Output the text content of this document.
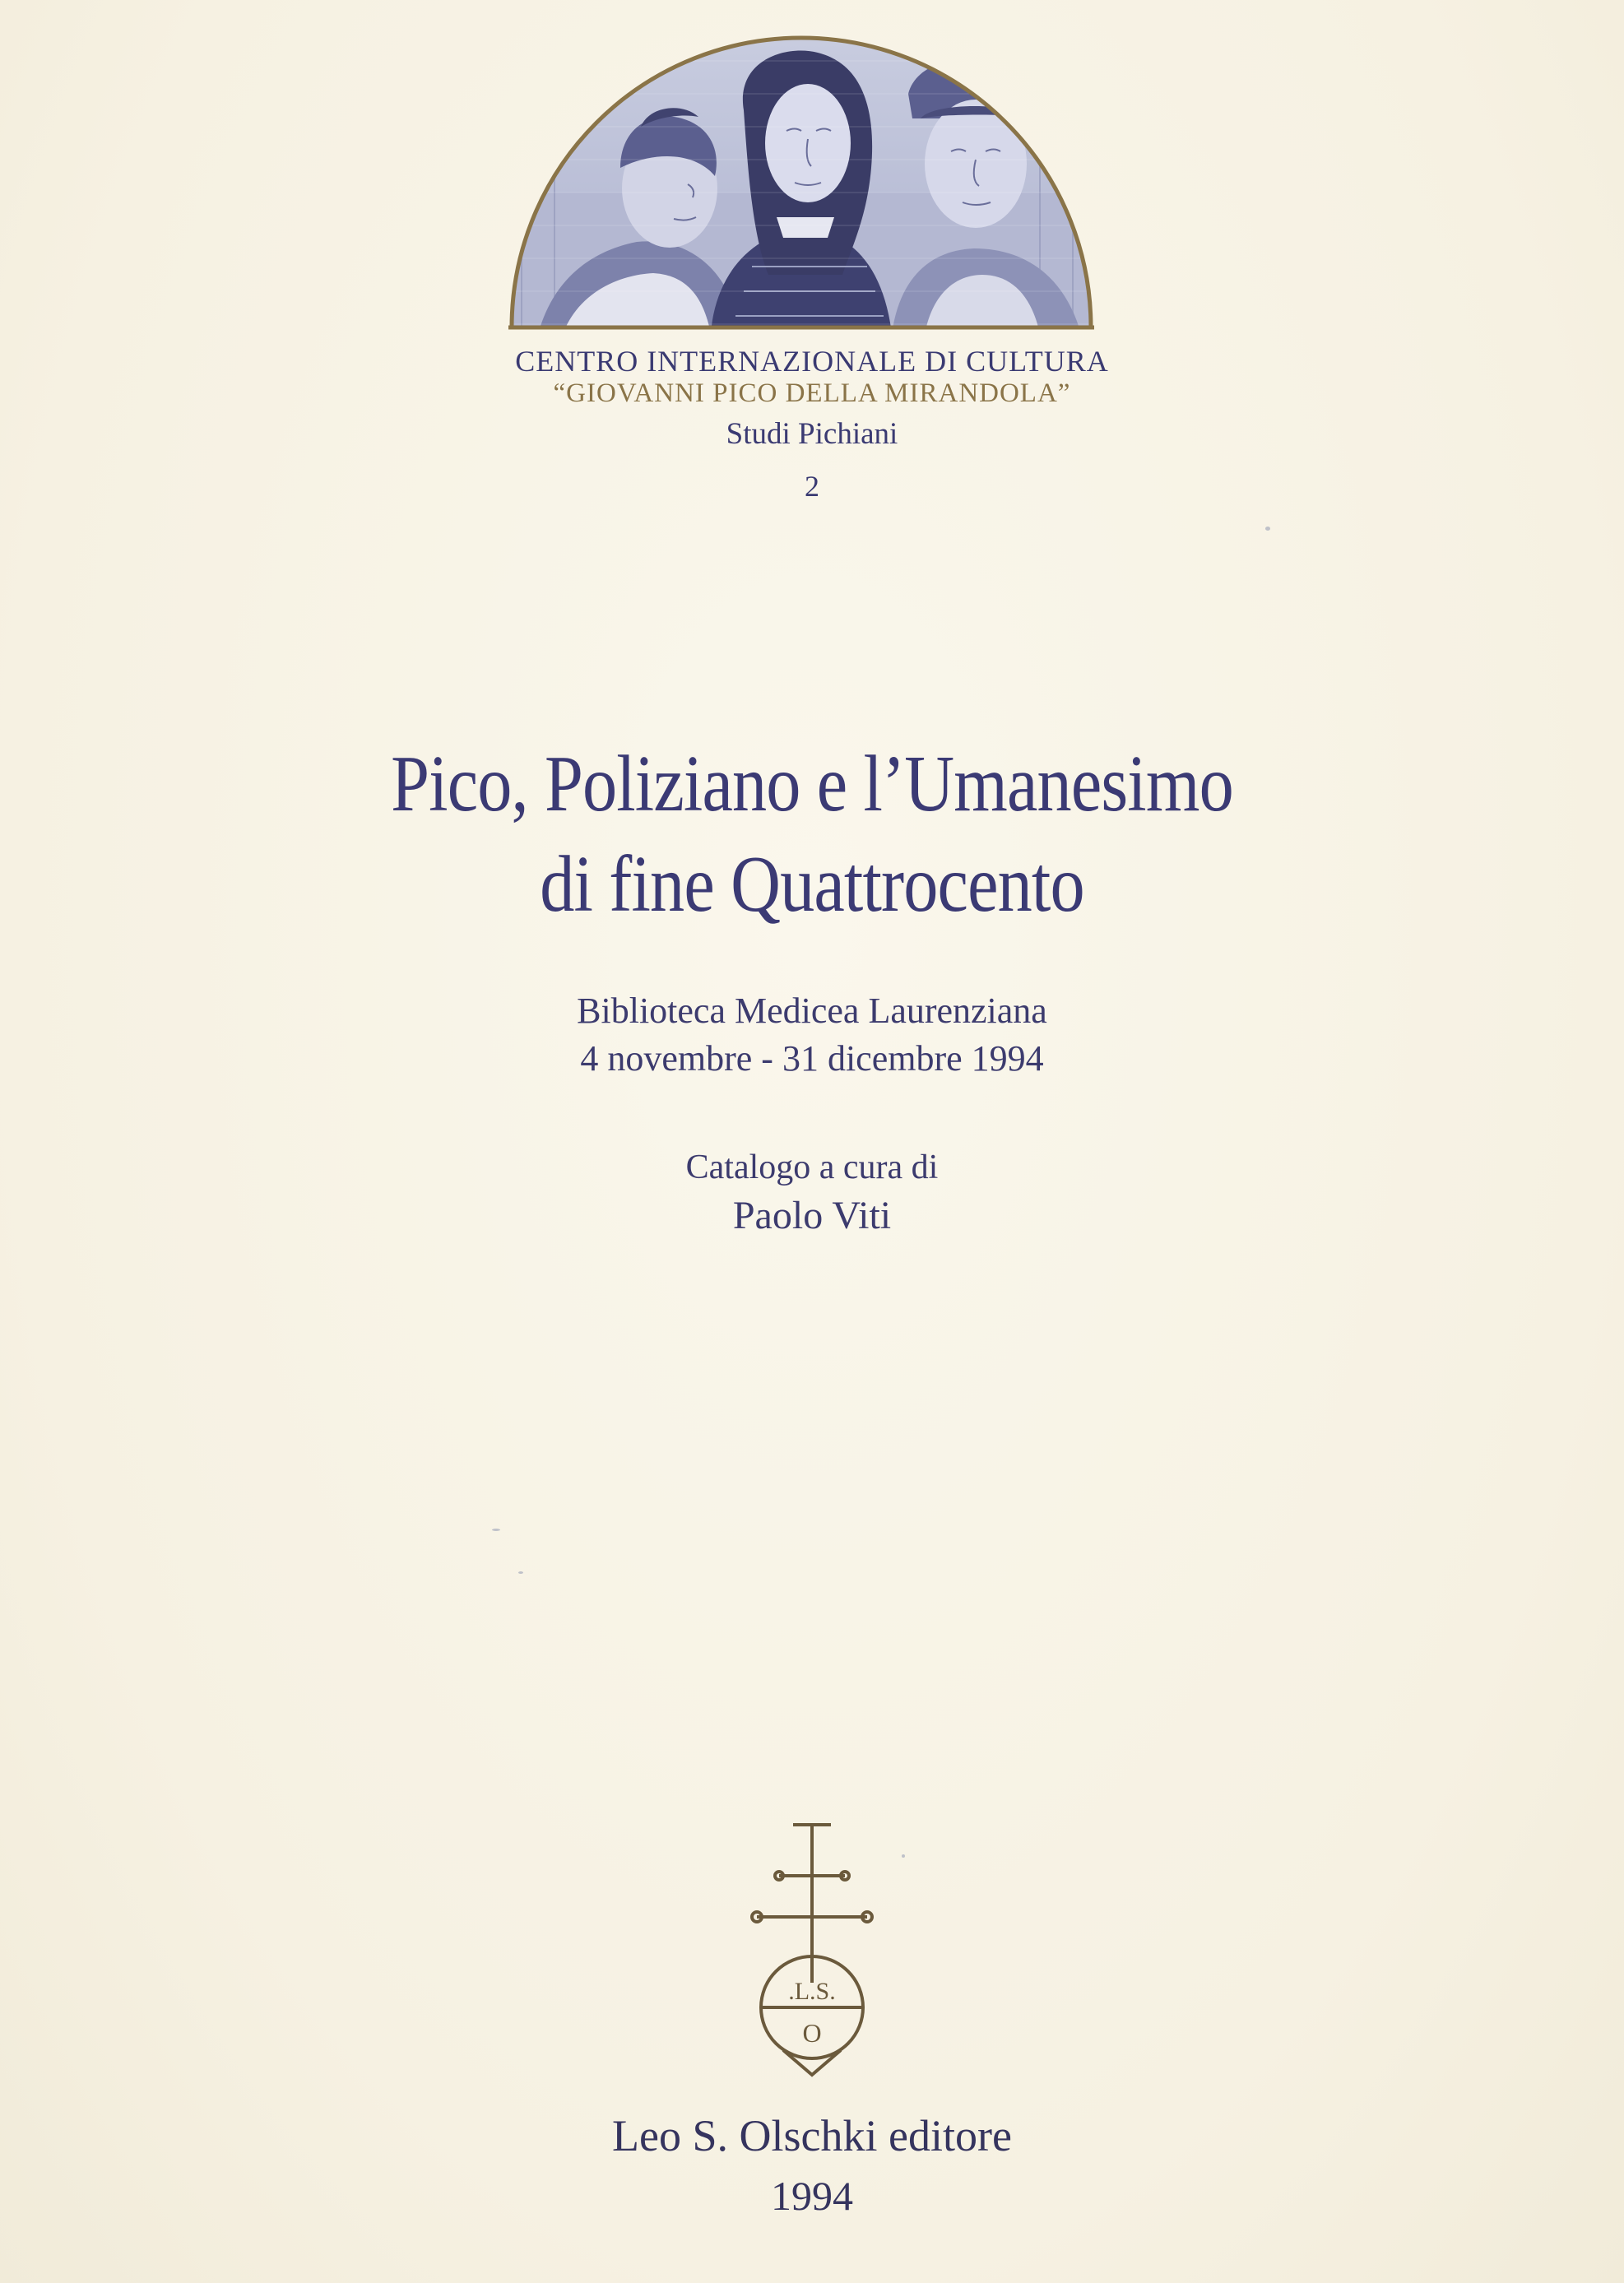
CENTRO INTERNAZIONALE DI CULTURA
“GIOVANNI PICO DELLA MIRANDOLA”
Studi Pichiani
2
Pico, Poliziano e l’Umanesimo
di fine Quattrocento
Biblioteca Medicea Laurenziana
4 novembre - 31 dicembre 1994
Catalogo a cura di
Paolo Viti
.L.S.
O
Leo S. Olschki editore
1994
